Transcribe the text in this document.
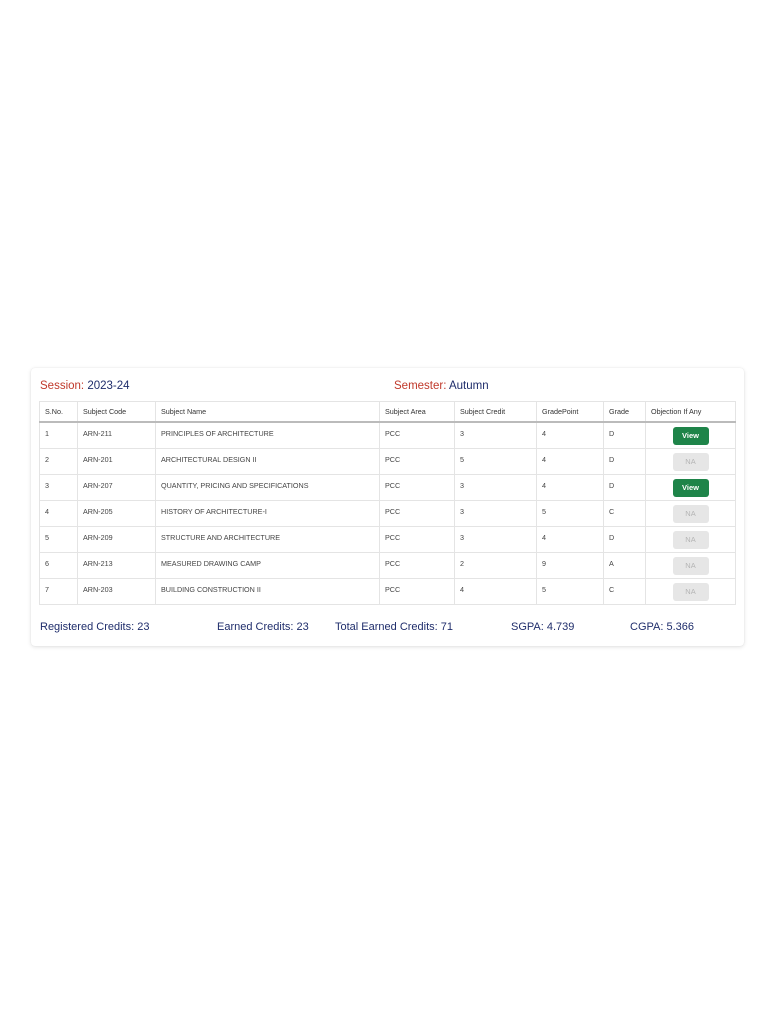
Session: 2023-24	Semester: Autumn
S.No.	Subject Code	Subject Name	Subject Area	Subject Credit	GradePoint	Grade	Objection If Any
1	ARN-211	PRINCIPLES OF ARCHITECTURE	PCC	3	4	D	View
2	ARN-201	ARCHITECTURAL DESIGN II	PCC	5	4	D	NA
3	ARN-207	QUANTITY, PRICING AND SPECIFICATIONS	PCC	3	4	D	View
4	ARN-205	HISTORY OF ARCHITECTURE-I	PCC	3	5	C	NA
5	ARN-209	STRUCTURE AND ARCHITECTURE	PCC	3	4	D	NA
6	ARN-213	MEASURED DRAWING CAMP	PCC	2	9	A	NA
7	ARN-203	BUILDING CONSTRUCTION II	PCC	4	5	C	NA
Registered Credits: 23	Earned Credits: 23 Total Earned Credits: 71	SGPA: 4.739	CGPA: 5.366
